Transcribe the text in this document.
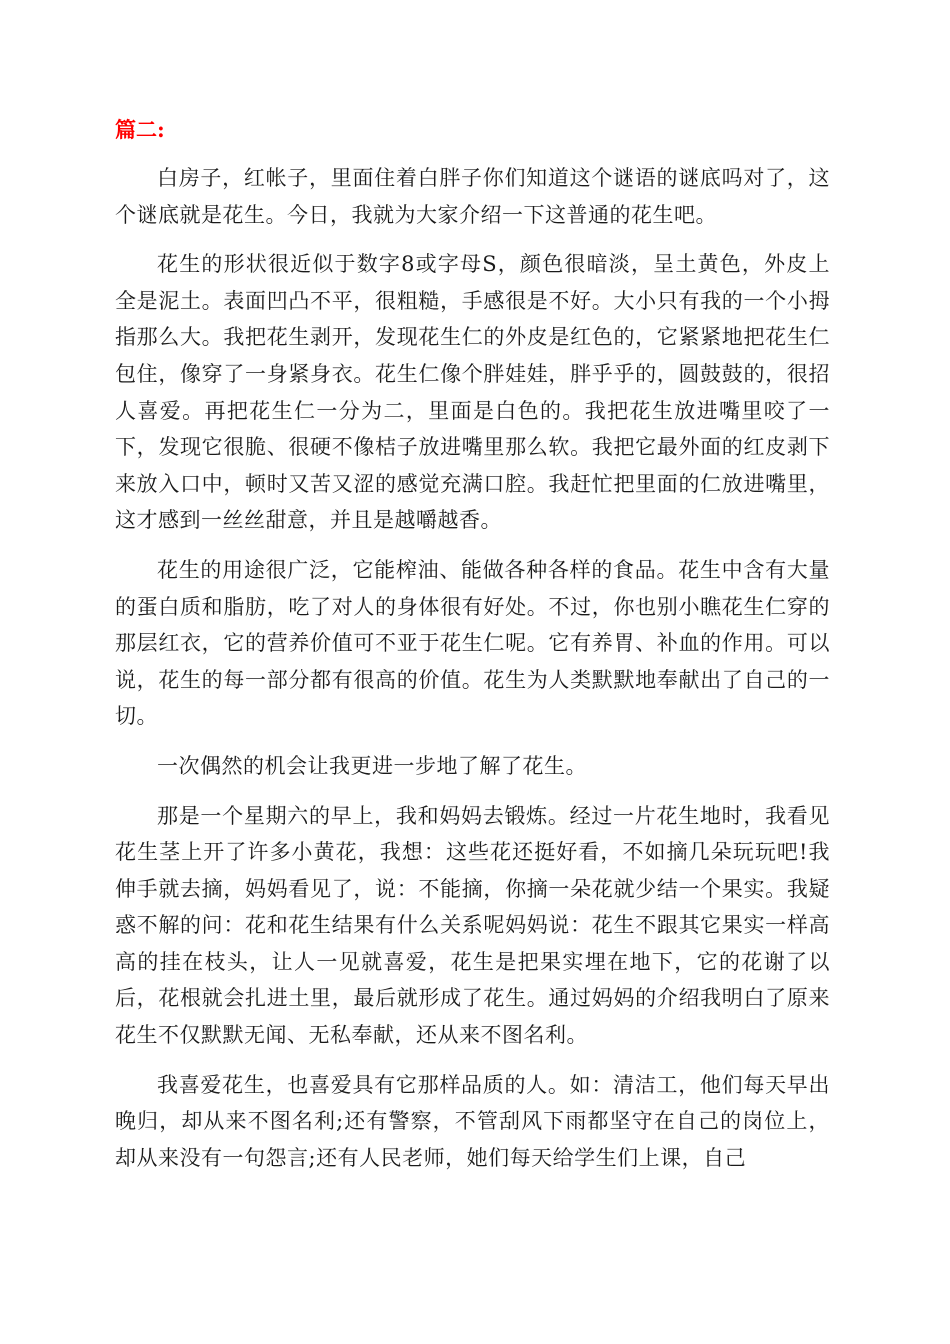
篇二:

白房子，红帐子，里面住着白胖子你们知道这个谜语的谜底吗对了，这个谜底就是花生。今日，我就为大家介绍一下这普通的花生吧。

花生的形状很近似于数字8或字母S，颜色很暗淡，呈土黄色，外皮上全是泥土。表面凹凸不平，很粗糙，手感很是不好。大小只有我的一个小拇指那么大。我把花生剥开，发现花生仁的外皮是红色的，它紧紧地把花生仁包住，像穿了一身紧身衣。花生仁像个胖娃娃，胖乎乎的，圆鼓鼓的，很招人喜爱。再把花生仁一分为二，里面是白色的。我把花生放进嘴里咬了一下，发现它很脆、很硬不像桔子放进嘴里那么软。我把它最外面的红皮剥下来放入口中，顿时又苦又涩的感觉充满口腔。我赶忙把里面的仁放进嘴里，这才感到一丝丝甜意，并且是越嚼越香。

花生的用途很广泛，它能榨油、能做各种各样的食品。花生中含有大量的蛋白质和脂肪，吃了对人的身体很有好处。不过，你也别小瞧花生仁穿的那层红衣，它的营养价值可不亚于花生仁呢。它有养胃、补血的作用。可以说，花生的每一部分都有很高的价值。花生为人类默默地奉献出了自己的一切。

一次偶然的机会让我更进一步地了解了花生。

那是一个星期六的早上，我和妈妈去锻炼。经过一片花生地时，我看见花生茎上开了许多小黄花，我想：这些花还挺好看，不如摘几朵玩玩吧!我伸手就去摘，妈妈看见了，说：不能摘，你摘一朵花就少结一个果实。我疑惑不解的问：花和花生结果有什么关系呢妈妈说：花生不跟其它果实一样高高的挂在枝头，让人一见就喜爱，花生是把果实埋在地下，它的花谢了以后，花根就会扎进土里，最后就形成了花生。通过妈妈的介绍我明白了原来花生不仅默默无闻、无私奉献，还从来不图名利。

我喜爱花生，也喜爱具有它那样品质的人。如：清洁工，他们每天早出晚归，却从来不图名利;还有警察，不管刮风下雨都坚守在自己的岗位上，却从来没有一句怨言;还有人民老师，她们每天给学生们上课，自己
